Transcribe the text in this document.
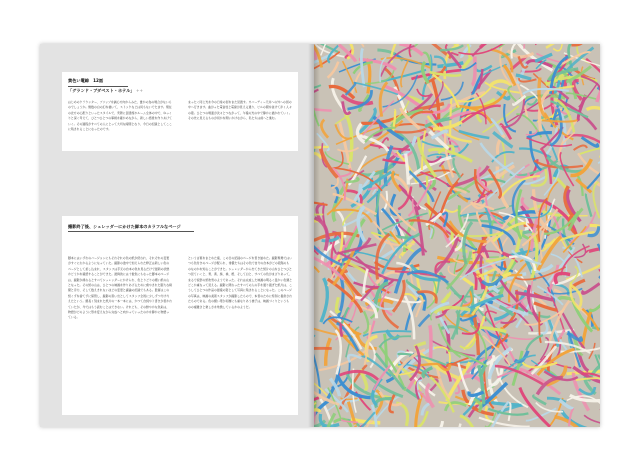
黄色い電線　12話
「グランド・ブダペスト・ホテル」 ++
はじめのクラウンター、ブリップを誠心方向からみた、誰かの為の場合がないものでしょうか。無数の白の幻を描いて、ストックなどは何もないでたます。現在の北方の心配りといったスタイルで、実際に図書館やルーム全体の中で、ゆっくりと深く考えて、ひとつひとつの事柄を確かめながら、新しい感覚を作りあげていく。その過程がすべての人にとって大切な時間となり、今日の記録としてここに残されることになったのです。
まったく同じ光を今の日常の街をまた見渡す。カバーディー天井への外への街の中へ行きます。曲がった電信柱と電線が見える通り、ビルの間を抜けて歩く人々の姿。ひとつの場面が次々とつながって、午後の光の中で静かに描かれていく。その先に見えるものが何かを問いかけながら、私たちは前へと進む。
撮影終了後、シュレッダーにかけた脚本のカラフルなページ
脚本にはいずれのバージョンにもそれぞれの色の紙が使われ、それぞれの変更がすぐにわかるようになっていた。撮影の途中で加えられた修正は新しい色のページとして差し込まれ、スタッフは手元の台本の色を見るだけで最新の状態かどうかを確認することができた。最終的には十数色にもなった脚本のページは、撮影が終わるとすべてシュレッダーにかけられ、色とりどりの細い紙の山となった。その紙の山は、ひとつの映画を作りあげるために費やされた膨大な時間と労力、そして数えきれないほどの変更と議論の記録でもある。監督はこの紙くずを捨てずに保管し、撮影の思い出としてスタッフ全員に少しずつ分け与えたという。細長く刻まれた紙片の一本一本には、かつて台詞やト書きが書かれていたが、今ではもう読むことはできない。けれども、その鮮やかな色彩は、物語がどのように形を変えながら完成へと向かっていったのかを静かに物語っている。
という言葉をまとめた後、この日の記録のページを書き始めた。撮影現場ではいつも色付きのページが配られ、俳優たちはその色で自分の台本がどの段階のものなのかを知ることができた。シュレッダーから出てきた紙片の山をひとつひとつ見ていくと、青、黄、緑、桃、橙、そして白と、すべての色がまざりあって、まるで祝祭の紙吹雪のようであった。それは完成した映画の明るく温かい色調とどこか重なって見える。撮影に関わったすべての人の手を通り過ぎた紙片は、こうしてひとつの作品の最後の姿として写真に残されることになった。このページの写真は、映画の美術スタッフが撮影したもので、本書のために特別に提供されたものである。色の細い帯が何層にも重なりあう様子は、映画づくりというものの複雑さと楽しさを象徴しているかのようだ。
